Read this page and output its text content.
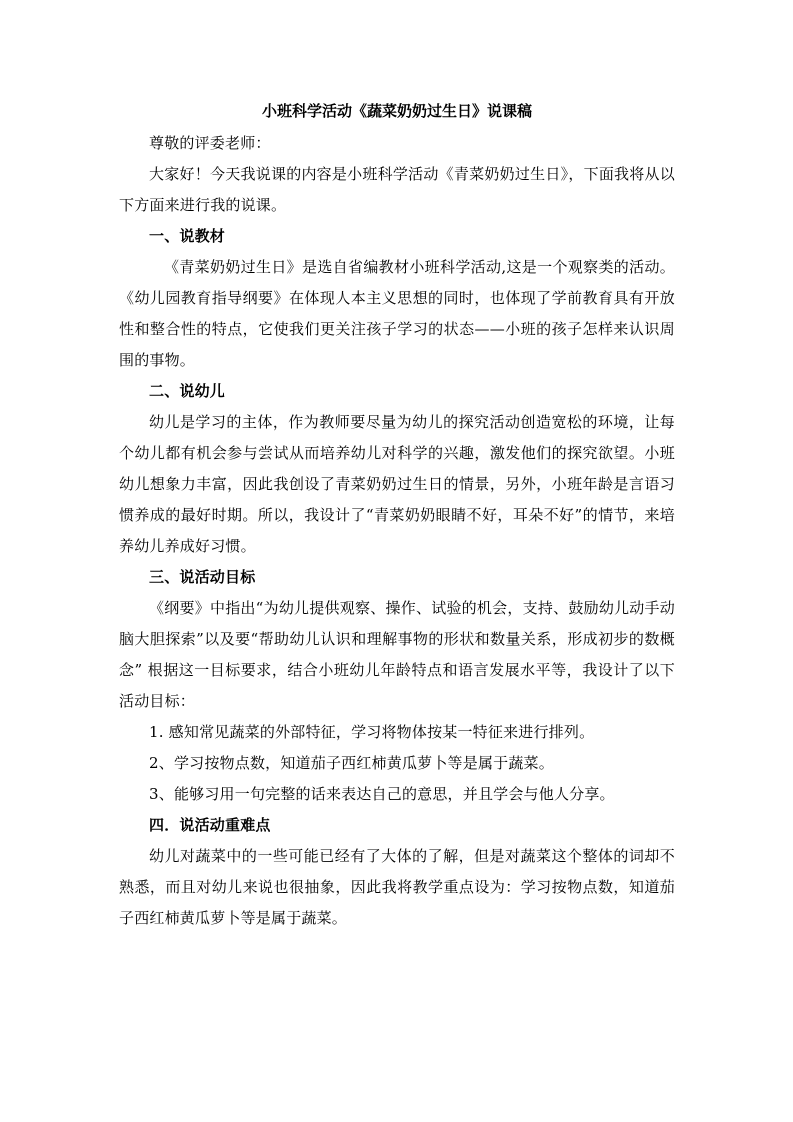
小班科学活动《蔬菜奶奶过生日》说课稿

尊敬的评委老师：

大家好！今天我说课的内容是小班科学活动《青菜奶奶过生日》，下面我将从以下方面来进行我的说课。

一、说教材

《青菜奶奶过生日》是选自省编教材小班科学活动,这是一个观察类的活动。《幼儿园教育指导纲要》在体现人本主义思想的同时，也体现了学前教育具有开放性和整合性的特点，它使我们更关注孩子学习的状态——小班的孩子怎样来认识周围的事物。

二、说幼儿

幼儿是学习的主体，作为教师要尽量为幼儿的探究活动创造宽松的环境，让每个幼儿都有机会参与尝试从而培养幼儿对科学的兴趣，激发他们的探究欲望。小班幼儿想象力丰富，因此我创设了青菜奶奶过生日的情景，另外，小班年龄是言语习惯养成的最好时期。所以，我设计了“青菜奶奶眼睛不好，耳朵不好”的情节，来培养幼儿养成好习惯。

三、说活动目标

《纲要》中指出“为幼儿提供观察、操作、试验的机会，支持、鼓励幼儿动手动脑大胆探索”以及要“帮助幼儿认识和理解事物的形状和数量关系，形成初步的数概念” 根据这一目标要求，结合小班幼儿年龄特点和语言发展水平等，我设计了以下活动目标：

1. 感知常见蔬菜的外部特征，学习将物体按某一特征来进行排列。

2、学习按物点数，知道茄子西红柿黄瓜萝卜等是属于蔬菜。

3、能够习用一句完整的话来表达自己的意思，并且学会与他人分享。

四．说活动重难点

幼儿对蔬菜中的一些可能已经有了大体的了解，但是对蔬菜这个整体的词却不熟悉，而且对幼儿来说也很抽象，因此我将教学重点设为：学习按物点数，知道茄子西红柿黄瓜萝卜等是属于蔬菜。
